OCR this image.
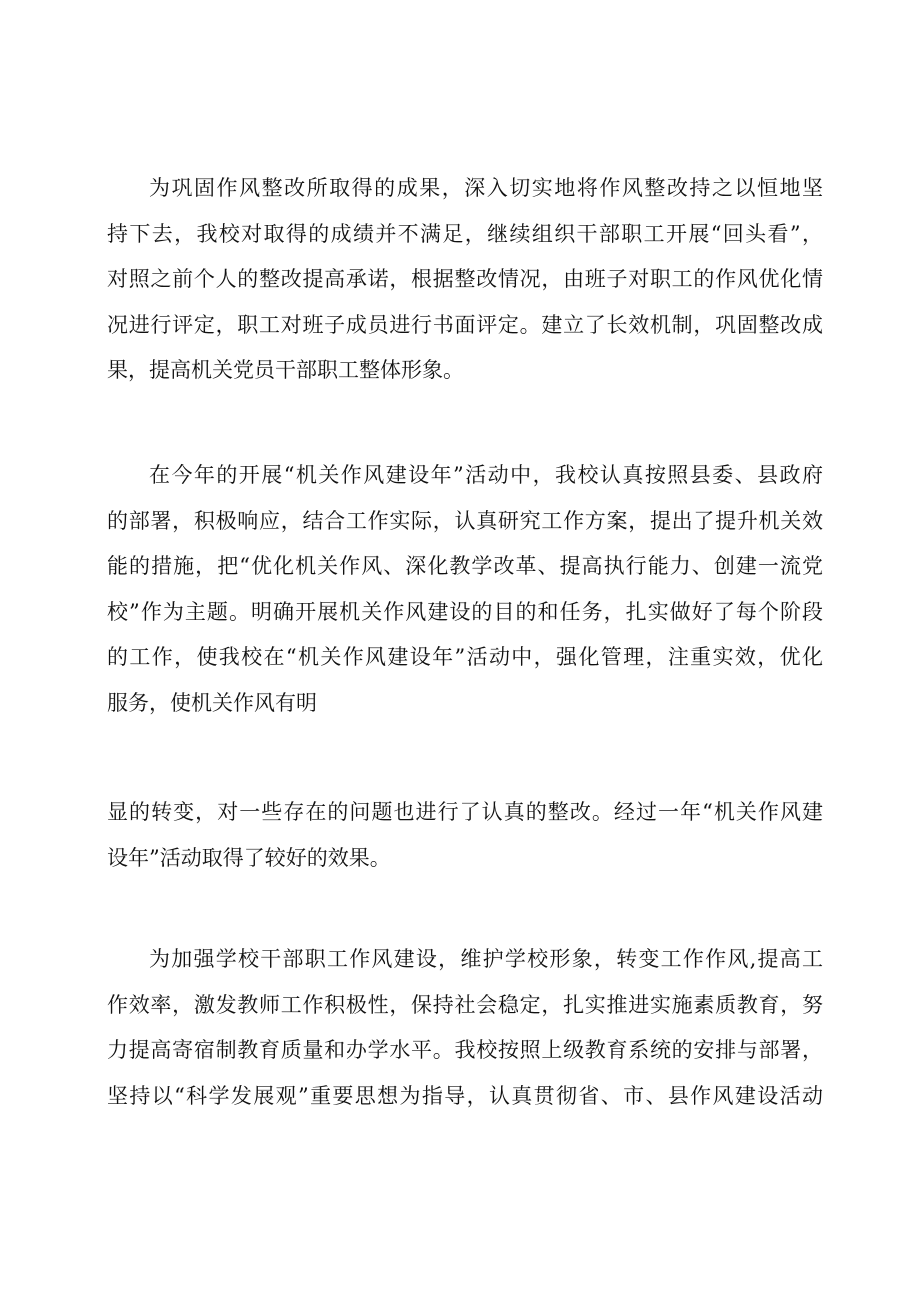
为巩固作风整改所取得的成果，深入切实地将作风整改持之以恒地坚
持下去，我校对取得的成绩并不满足，继续组织干部职工开展“回头看”，
对照之前个人的整改提高承诺，根据整改情况，由班子对职工的作风优化情
况进行评定，职工对班子成员进行书面评定。建立了长效机制，巩固整改成
果，提高机关党员干部职工整体形象。
在今年的开展“机关作风建设年”活动中，我校认真按照县委、县政府
的部署，积极响应，结合工作实际，认真研究工作方案，提出了提升机关效
能的措施，把“优化机关作风、深化教学改革、提高执行能力、创建一流党
校”作为主题。明确开展机关作风建设的目的和任务，扎实做好了每个阶段
的工作，使我校在“机关作风建设年”活动中，强化管理，注重实效，优化
服务，使机关作风有明
显的转变，对一些存在的问题也进行了认真的整改。经过一年“机关作风建
设年”活动取得了较好的效果。
为加强学校干部职工作风建设，维护学校形象，转变工作作风,提高工
作效率，激发教师工作积极性，保持社会稳定，扎实推进实施素质教育，努
力提高寄宿制教育质量和办学水平。我校按照上级教育系统的安排与部署，
坚持以“科学发展观”重要思想为指导，认真贯彻省、市、县作风建设活动
